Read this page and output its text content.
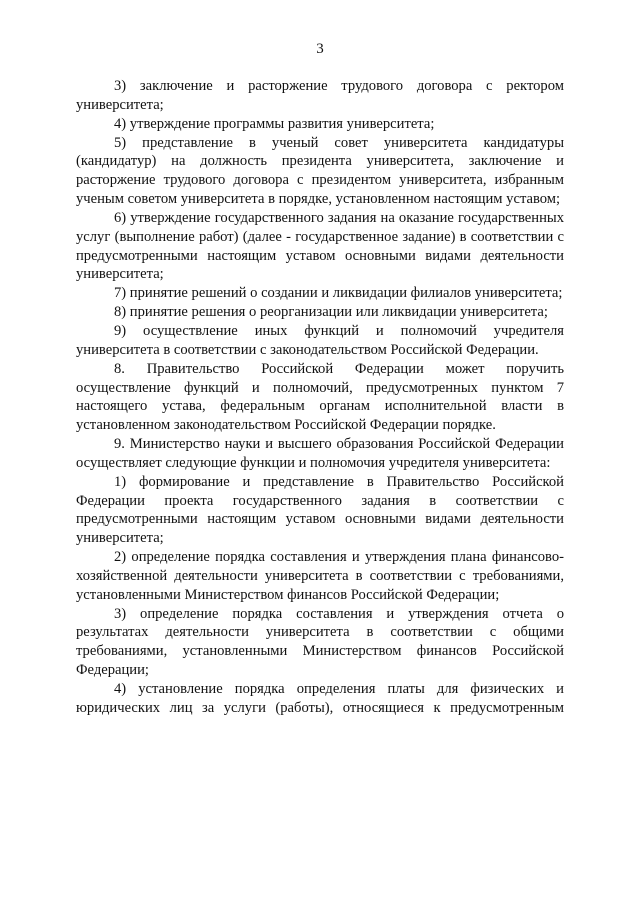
3

3) заключение и расторжение трудового договора с ректором университета;

4) утверждение программы развития университета;

5) представление в ученый совет университета кандидатуры (кандидатур) на должность президента университета, заключение и расторжение трудового договора с президентом университета, избранным ученым советом университета в порядке, установленном настоящим уставом;

6) утверждение государственного задания на оказание государственных услуг (выполнение работ) (далее - государственное задание) в соответствии с предусмотренными настоящим уставом основными видами деятельности университета;

7) принятие решений о создании и ликвидации филиалов университета;

8) принятие решения о реорганизации или ликвидации университета;

9) осуществление иных функций и полномочий учредителя университета в соответствии с законодательством Российской Федерации.

8. Правительство Российской Федерации может поручить осуществление функций и полномочий, предусмотренных пунктом 7 настоящего устава, федеральным органам исполнительной власти в установленном законодательством Российской Федерации порядке.

9. Министерство науки и высшего образования Российской Федерации осуществляет следующие функции и полномочия учредителя университета:

1) формирование и представление в Правительство Российской Федерации проекта государственного задания в соответствии с предусмотренными настоящим уставом основными видами деятельности университета;

2) определение порядка составления и утверждения плана финансово-хозяйственной деятельности университета в соответствии с требованиями, установленными Министерством финансов Российской Федерации;

3) определение порядка составления и утверждения отчета о результатах деятельности университета в соответствии с общими требованиями, установленными Министерством финансов Российской Федерации;

4) установление порядка определения платы для физических и юридических лиц за услуги (работы), относящиеся к предусмотренным
